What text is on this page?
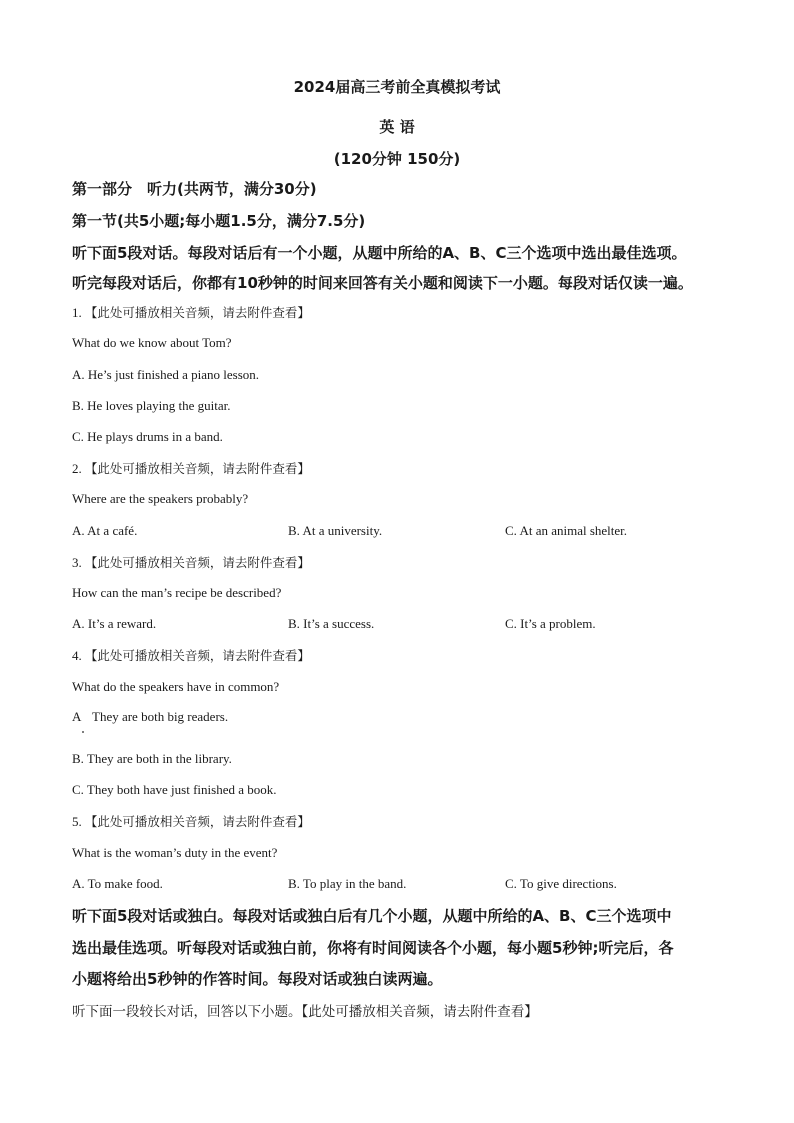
2024届高三考前全真模拟考试
英 语
(120分钟 150分)
第一部分　听力(共两节，满分30分)
第一节(共5小题;每小题1.5分，满分7.5分)
听下面5段对话。每段对话后有一个小题，从题中所给的A、B、C三个选项中选出最佳选项。
听完每段对话后，你都有10秒钟的时间来回答有关小题和阅读下一小题。每段对话仅读一遍。
1. 【此处可播放相关音频，请去附件查看】
What do we know about Tom?
A. He’s just finished a piano lesson.
B. He loves playing the guitar.
C. He plays drums in a band.
2. 【此处可播放相关音频，请去附件查看】
Where are the speakers probably?
A. At a café.	B. At a university.	C. At an animal shelter.
3. 【此处可播放相关音频，请去附件查看】
How can the man’s recipe be described?
A. It’s a reward.	B. It’s a success.	C. It’s a problem.
4. 【此处可播放相关音频，请去附件查看】
What do the speakers have in common?
A They are both big readers.
B. They are both in the library.
C. They both have just finished a book.
5. 【此处可播放相关音频，请去附件查看】
What is the woman’s duty in the event?
A. To make food.	B. To play in the band.	C. To give directions.
听下面5段对话或独白。每段对话或独白后有几个小题，从题中所给的A、B、C三个选项中
选出最佳选项。听每段对话或独白前，你将有时间阅读各个小题，每小题5秒钟;听完后，各
小题将给出5秒钟的作答时间。每段对话或独白读两遍。
听下面一段较长对话，回答以下小题。【此处可播放相关音频，请去附件查看】
